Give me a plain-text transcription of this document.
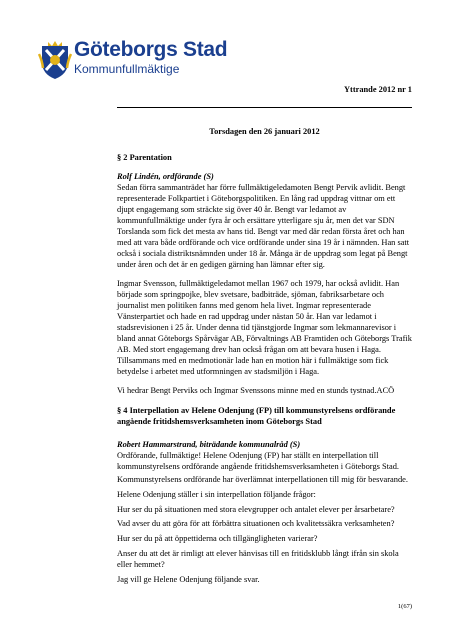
Göteborgs Stad
Kommunfullmäktige
Yttrande 2012 nr 1
Torsdagen den 26 januari 2012
§ 2 Parentation
Rolf Lindén, ordförande (S)
Sedan förra sammanträdet har förre fullmäktigeledamoten Bengt Pervik avlidit. Bengt representerade Folkpartiet i Göteborgspolitiken. En lång rad uppdrag vittnar om ett djupt engagemang som sträckte sig över 40 år. Bengt var ledamot av kommunfullmäktige under fyra år och ersättare ytterligare sju år, men det var SDN Torslanda som fick det mesta av hans tid. Bengt var med där redan första året och han med att vara både ordförande och vice ordförande under sina 19 år i nämnden. Han satt också i sociala distriktsnämnden under 18 år. Många är de uppdrag som legat på Bengt under åren och det är en gedigen gärning han lämnar efter sig.
Ingmar Svensson, fullmäktigeledamot mellan 1967 och 1979, har också avlidit. Han började som springpojke, blev svetsare, badbiträde, sjöman, fabriksarbetare och journalist men politiken fanns med genom hela livet. Ingmar representerade Vänsterpartiet och hade en rad uppdrag under nästan 50 år. Han var ledamot i stadsrevisionen i 25 år. Under denna tid tjänstgjorde Ingmar som lekmannarevisor i bland annat Göteborgs Spårvägar AB, Förvaltnings AB Framtiden och Göteborgs Trafik AB. Med stort engagemang drev han också frågan om att bevara husen i Haga. Tillsammans med en medmotionär lade han en motion här i fullmäktige som fick betydelse i arbetet med utformningen av stadsmiljön i Haga.
Vi hedrar Bengt Perviks och Ingmar Svenssons minne med en stunds tystnad.ACÖ
§ 4 Interpellation av Helene Odenjung (FP) till kommunstyrelsens ordförande angående fritidshemsverksamheten inom Göteborgs Stad
Robert Hammarstrand, biträdande kommunalråd (S)
Ordförande, fullmäktige! Helene Odenjung (FP) har ställt en interpellation till kommunstyrelsens ordförande angående fritidshemsverksamheten i Göteborgs Stad.
Kommunstyrelsens ordförande har överlämnat interpellationen till mig för besvarande.
Helene Odenjung ställer i sin interpellation följande frågor:
Hur ser du på situationen med stora elevgrupper och antalet elever per årsarbetare?
Vad avser du att göra för att förbättra situationen och kvalitetssäkra verksamheten?
Hur ser du på att öppettiderna och tillgängligheten varierar?
Anser du att det är rimligt att elever hänvisas till en fritidsklubb långt ifrån sin skola eller hemmet?
Jag vill ge Helene Odenjung följande svar.
1(67)
